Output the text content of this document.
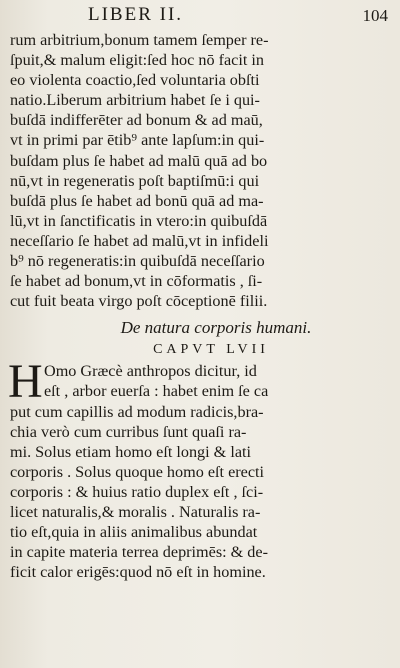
LIBER II.	104
rum arbitrium,bonum tamem ſemper re-
ſpuit,& malum eligit:ſed hoc nō facit in
eo violenta coactio,ſed voluntaria obſti
natio.Liberum arbitrium habet ſe i qui-
buſdā indifferēter ad bonum & ad maū,
vt in primi par ētib⁹ ante lapſum:in qui-
buſdam plus ſe habet ad malū quā ad bo
nū,vt in regeneratis poſt baptiſmū:i qui
buſdā plus ſe habet ad bonū quā ad ma-
lū,vt in ſanctificatis in vtero:in quibuſdā
neceſſario ſe habet ad malū,vt in infideli
b⁹ nō regeneratis:in quibuſdā neceſſario
ſe habet ad bonum,vt in cōformatis , ſi-
cut fuit beata virgo poſt cōceptionē filii.
De natura corporis humani.
CAPVT LVII
H Omo Græcè anthropos dicitur, id
eſt , arbor euerſa : habet enim ſe ca
put cum capillis ad modum radicis,bra-
chia verò cum curribus ſunt quaſi ra-
mi. Solus etiam homo eſt longi & lati
corporis . Solus quoque homo eſt erecti
corporis : & huius ratio duplex eſt , ſci-
licet naturalis,& moralis . Naturalis ra-
tio eſt,quia in aliis animalibus abundat
in capite materia terrea deprimēs: & de-
ficit calor erigēs:quod nō eſt in homine.
